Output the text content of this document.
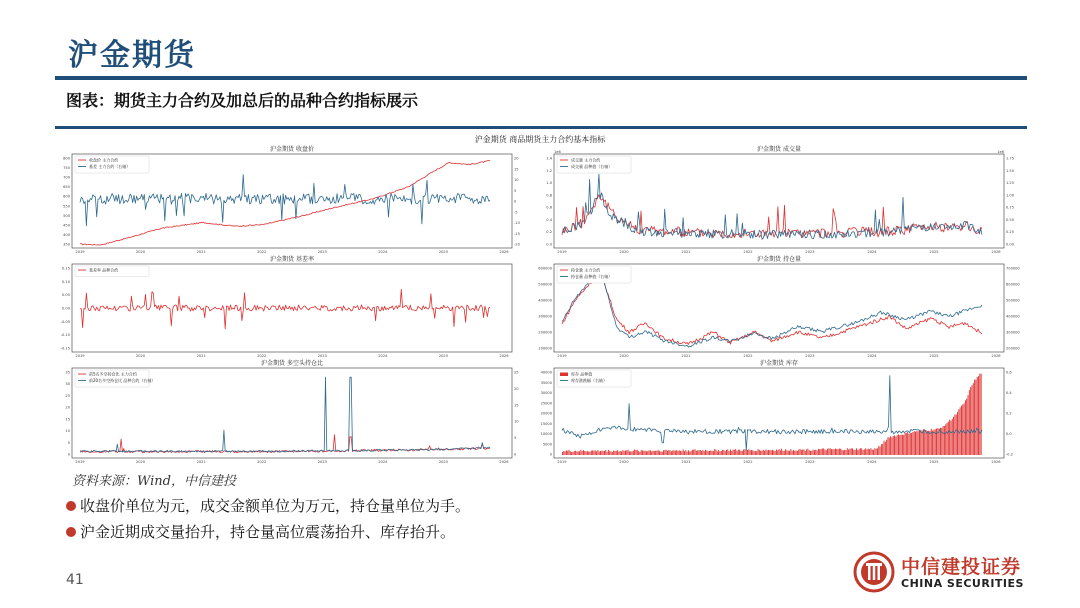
沪金期货
图表：期货主力合约及加总后的品种合约指标展示
沪金期货 商品期货主力合约基本指标
沪金期货 收盘价
800
750
700
650
600
550
500
450
400
350
20
15
10
5
0
-5
-10
-15
-20
2019	2020	2021	2022	2023	2024	2025	2026
收盘价 主力合约
基差 主力合约（右轴）
沪金期货 成交量
1.4
1.2
1.0
0.8
0.6
0.4
0.2
0.0
1.75
1.50
1.25
1.00
0.75
0.50
0.25
0.00
1e6	1e6
2019	2020	2021	2022	2023	2024	2025	2026
成交量 主力合约
成交量 品种值（右轴）
沪金期货 基差率
0.15
0.10
0.05
0.00
-0.05
-0.10
-0.15
2019	2020	2021	2022	2023	2024	2025	2026
基差率 品种合约
沪金期货 持仓量
600000
500000
400000
300000
200000
100000
700000
600000
500000
400000
300000
200000
2019	2020	2021	2022	2023	2024	2025	2026
持仓量 主力合约
持仓量 品种值（右轴）
沪金期货 多空头持仓比
35
30
25
20
15
10
5
0
25
20
15
10
5
0
2019	2020	2021	2022	2023	2024	2025	2026
前5名多空持仓比 主力合约
前20名多空持仓比 品种合约（右轴）
沪金期货 库存
40000
35000
30000
25000
20000
15000
10000
5000
0
0.6
0.4
0.2
0.0
-0.2
2019	2020	2021	2022	2023	2024	2025	2026
库存 品种值
库存涨跌幅（右轴）
资料来源：Wind，中信建投
收盘价单位为元，成交金额单位为万元，持仓量单位为手。
沪金近期成交量抬升，持仓量高位震荡抬升、库存抬升。
41
中信建投证券
CHINA SECURITIES
